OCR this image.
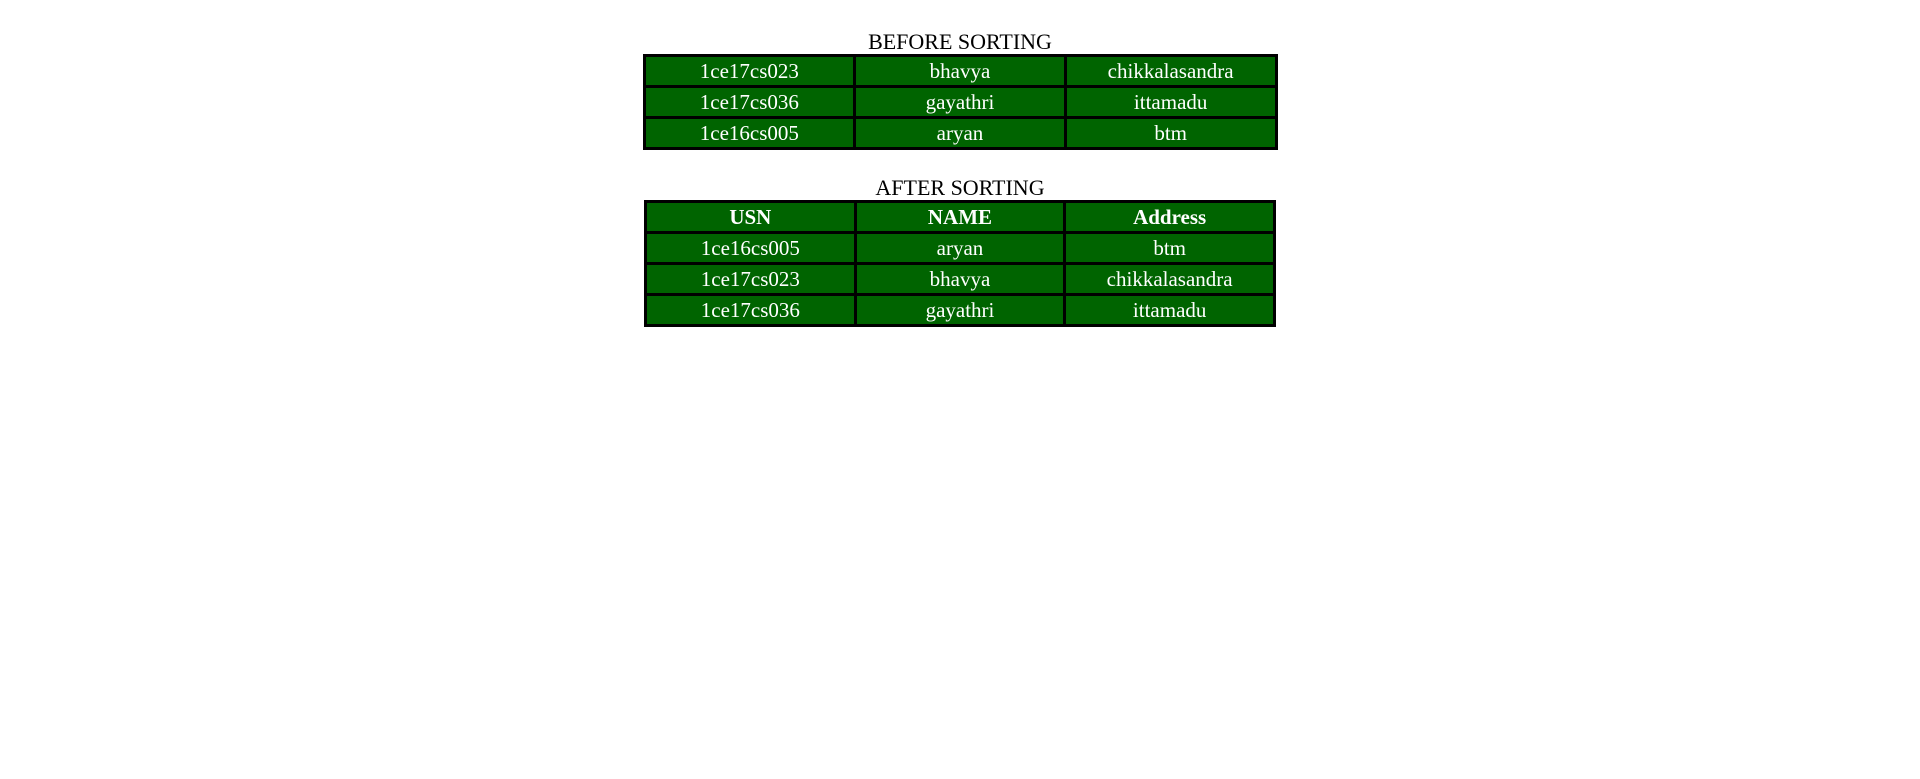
BEFORE SORTING
1ce17cs023	bhavya	chikkalasandra
1ce17cs036	gayathri	ittamadu
1ce16cs005	aryan	btm
AFTER SORTING
USN	NAME	Address
1ce16cs005	aryan	btm
1ce17cs023	bhavya	chikkalasandra
1ce17cs036	gayathri	ittamadu
